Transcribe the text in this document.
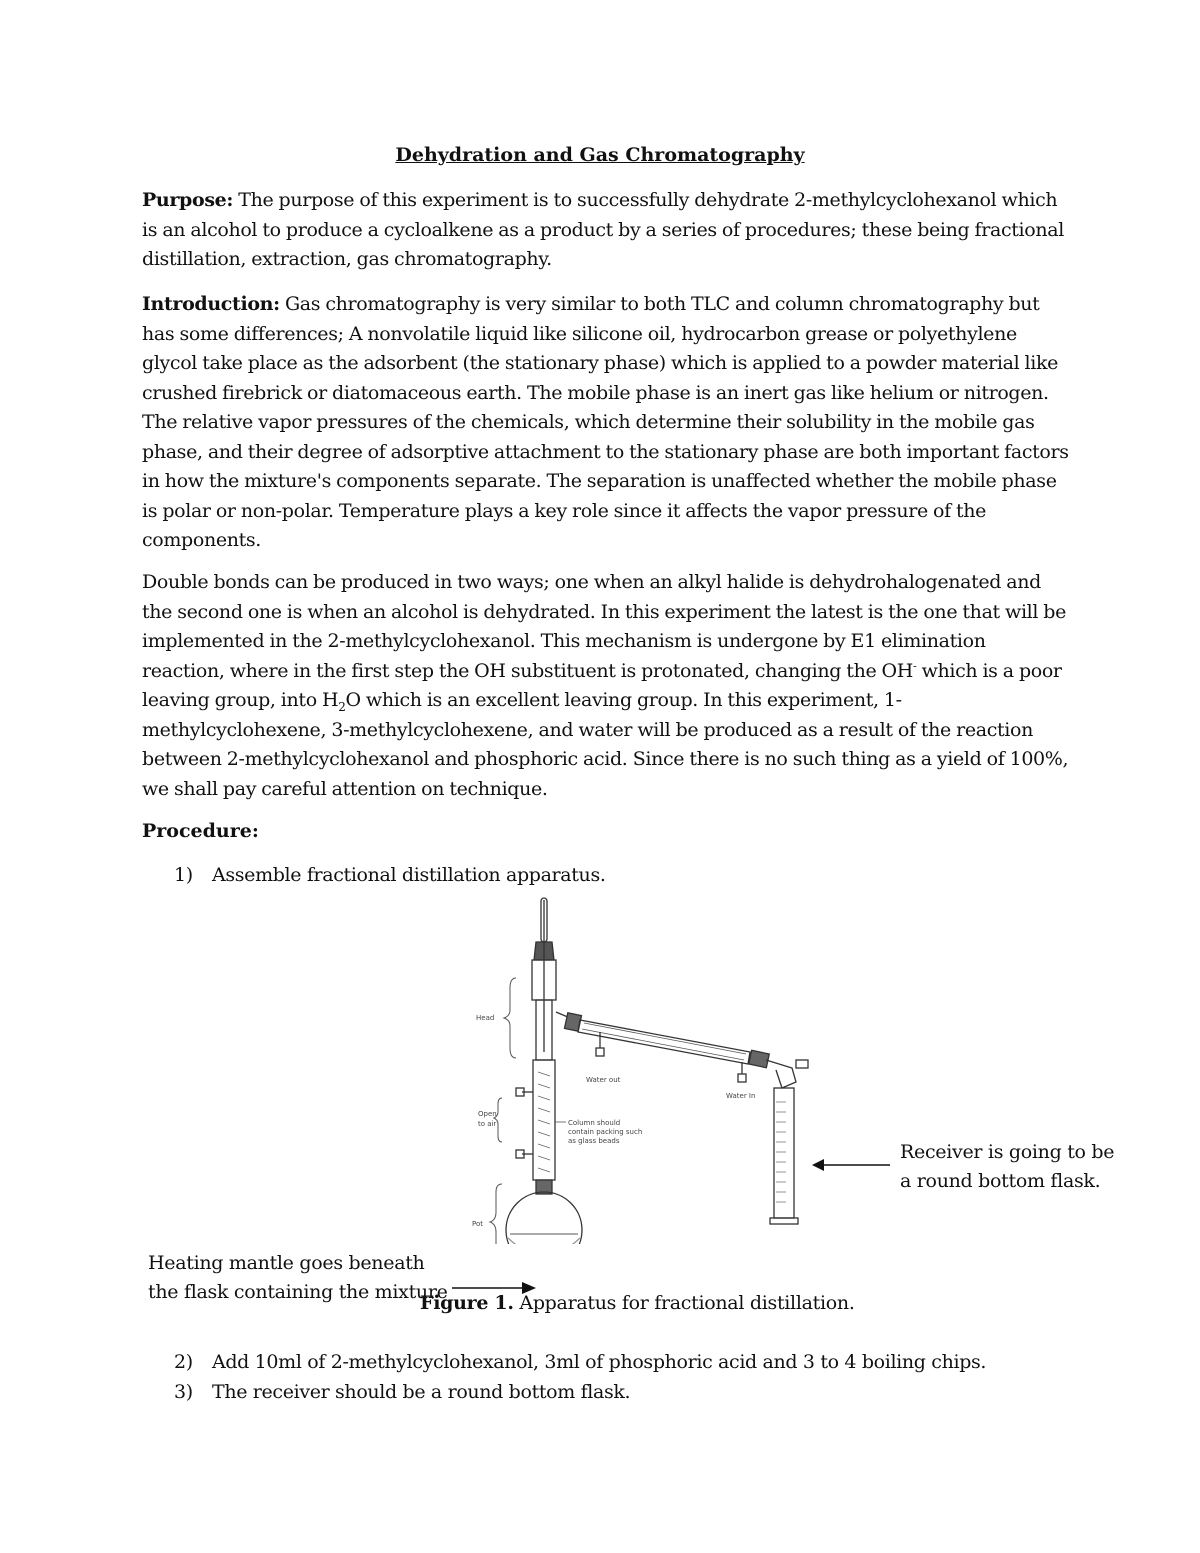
Dehydration and Gas Chromatography

Purpose: The purpose of this experiment is to successfully dehydrate 2-methylcyclohexanol which is an alcohol to produce a cycloalkene as a product by a series of procedures; these being fractional distillation, extraction, gas chromatography.

Introduction: Gas chromatography is very similar to both TLC and column chromatography but has some differences; A nonvolatile liquid like silicone oil, hydrocarbon grease or polyethylene glycol take place as the adsorbent (the stationary phase) which is applied to a powder material like crushed firebrick or diatomaceous earth. The mobile phase is an inert gas like helium or nitrogen. The relative vapor pressures of the chemicals, which determine their solubility in the mobile gas phase, and their degree of adsorptive attachment to the stationary phase are both important factors in how the mixture's components separate. The separation is unaffected whether the mobile phase is polar or non-polar. Temperature plays a key role since it affects the vapor pressure of the components.

Double bonds can be produced in two ways; one when an alkyl halide is dehydrohalogenated and the second one is when an alcohol is dehydrated. In this experiment the latest is the one that will be implemented in the 2-methylcyclohexanol. This mechanism is undergone by E1 elimination reaction, where in the first step the OH substituent is protonated, changing the OH- which is a poor leaving group, into $H_2O$ which is an excellent leaving group. In this experiment, 1-methylcyclohexene, 3-methylcyclohexene, and water will be produced as a result of the reaction between 2-methylcyclohexanol and phosphoric acid. Since there is no such thing as a yield of 100%, we shall pay careful attention on technique.

Procedure:
1) Assemble fractional distillation apparatus.
Head
Water out
Water In
Open
to air	Column should
contain packing such
as glass beads
Pot
Receiver is going to be
a round bottom flask.
Heating mantle goes beneath
the flask containing the mixture
Figure 1. Apparatus for fractional distillation.
2) Add 10ml of 2-methylcyclohexanol, 3ml of phosphoric acid and 3 to 4 boiling chips.
3) The receiver should be a round bottom flask.
